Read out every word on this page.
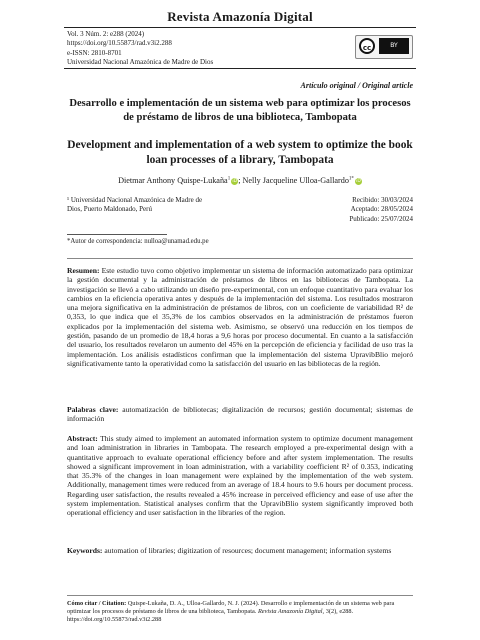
Revista Amazonía Digital
Vol. 3 Núm. 2: e288 (2024)
https://doi.org/10.55873/rad.v3i2.288
e-ISSN: 2810-8701
Universidad Nacional Amazónica de Madre de Dios
cc	BY
Artículo original / Original article
Desarrollo e implementación de un sistema web para optimizar los procesos de préstamo de libros de una biblioteca, Tambopata
Development and implementation of a web system to optimize the book loan processes of a library, Tambopata
Dietmar Anthony Quispe-Lukaña$^1$iD; Nelly Jacqueline Ulloa-Gallardo$^{1*}$iD
¹ Universidad Nacional Amazónica de Madre de
Dios, Puerto Maldonado, Perú
*Autor de correspondencia: nulloa@unamad.edu.pe
Recibido: 30/03/2024
Aceptado: 28/05/2024
Publicado: 25/07/2024
Resumen: Este estudio tuvo como objetivo implementar un sistema de información automatizado para optimizar la gestión documental y la administración de préstamos de libros en las bibliotecas de Tambopata. La investigación se llevó a cabo utilizando un diseño pre-experimental, con un enfoque cuantitativo para evaluar los cambios en la eficiencia operativa antes y después de la implementación del sistema. Los resultados mostraron una mejora significativa en la administración de préstamos de libros, con un coeficiente de variabilidad R² de 0,353, lo que indica que el 35,3% de los cambios observados en la administración de préstamos fueron explicados por la implementación del sistema web. Asimismo, se observó una reducción en los tiempos de gestión, pasando de un promedio de 18,4 horas a 9,6 horas por proceso documental. En cuanto a la satisfacción del usuario, los resultados revelaron un aumento del 45% en la percepción de eficiencia y facilidad de uso tras la implementación. Los análisis estadísticos confirman que la implementación del sistema UpravibBlio mejoró significativamente tanto la operatividad como la satisfacción del usuario en las bibliotecas de la región.
Palabras clave: automatización de bibliotecas; digitalización de recursos; gestión documental; sistemas de información
Abstract: This study aimed to implement an automated information system to optimize document management and loan administration in libraries in Tambopata. The research employed a pre-experimental design with a quantitative approach to evaluate operational efficiency before and after system implementation. The results showed a significant improvement in loan administration, with a variability coefficient R² of 0.353, indicating that 35.3% of the changes in loan management were explained by the implementation of the web system. Additionally, management times were reduced from an average of 18.4 hours to 9.6 hours per document process. Regarding user satisfaction, the results revealed a 45% increase in perceived efficiency and ease of use after the system implementation. Statistical analyses confirm that the UpravibBlio system significantly improved both operational efficiency and user satisfaction in the libraries of the region.
Keywords: automation of libraries; digitization of resources; document management; information systems
Cómo citar / Citation: Quispe-Lukaña, D. A., Ulloa-Gallardo, N. J. (2024). Desarrollo e implementación de un sistema web para optimizar los procesos de préstamo de libros de una biblioteca, Tambopata. Revista Amazonía Digital, 3(2), e288. https://doi.org/10.55873/rad.v3i2.288
